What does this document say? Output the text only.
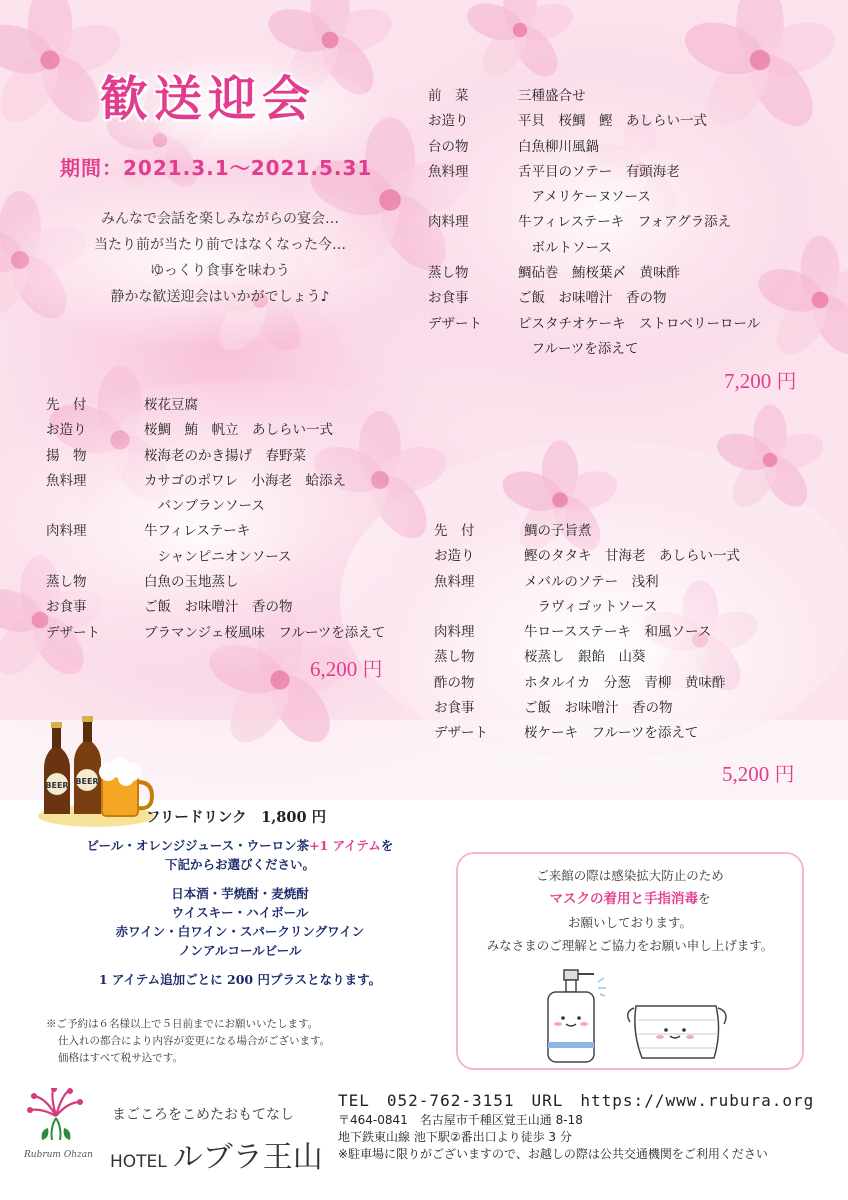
歓送迎会
期間：2021.3.1～2021.5.31
みんなで会話を楽しみながらの宴会…
当たり前が当たり前ではなくなった今…
ゆっくり食事を味わう
静かな歓送迎会はいかがでしょう♪
前　菜	三種盛合せ
お造り	平貝　桜鯛　鰹　あしらい一式
台の物	白魚柳川風鍋
魚料理	舌平目のソテー　有頭海老
　アメリケーヌソース
肉料理	牛フィレステーキ　フォアグラ添え
　ボルトソース
蒸し物	鯛砧巻　鮪桜葉〆　黄味酢
お食事	ご飯　お味噌汁　香の物
デザート	ピスタチオケーキ　ストロベリーロール
　フルーツを添えて
7,200 円
先　付	桜花豆腐
お造り	桜鯛　鮪　帆立　あしらい一式
揚　物	桜海老のかき揚げ　春野菜
魚料理	カサゴのポワレ　小海老　蛤添え
　バンブランソース
肉料理	牛フィレステーキ
　シャンピニオンソース
蒸し物	白魚の玉地蒸し
お食事	ご飯　お味噌汁　香の物
デザート	ブラマンジェ桜風味　フルーツを添えて
6,200 円
先　付	鯛の子旨煮
お造り	鰹のタタキ　甘海老　あしらい一式
魚料理	メバルのソテー　浅利
　ラヴィゴットソース
肉料理	牛ロースステーキ　和風ソース
蒸し物	桜蒸し　銀餡　山葵
酢の物	ホタルイカ　分葱　青柳　黄味酢
お食事	ご飯　お味噌汁　香の物
デザート	桜ケーキ　フルーツを添えて
5,200 円
BEER BEER
フリードリンク　1,800 円
ビール・オレンジジュース・ウーロン茶+1 アイテムを
下記からお選びください。
日本酒・芋焼酎・麦焼酎
ウイスキー・ハイボール
赤ワイン・白ワイン・スパークリングワイン
ノンアルコールビール
1 アイテム追加ごとに 200 円プラスとなります。
※ご予約は６名様以上で５日前までにお願いいたします。
仕入れの都合により内容が変更になる場合がございます。
価格はすべて税サ込です。
ご来館の際は感染拡大防止のため
マスクの着用と手指消毒を
お願いしております。
みなさまのご理解とご協力をお願い申し上げます。
Rubrum Ohzan
まごころをこめたおもてなし
HOTEL ルブラ王山
TEL　052-762-3151　URL　https://www.rubura.org
〒464-0841　名古屋市千種区覚王山通 8-18
地下鉄東山線 池下駅②番出口より徒歩 3 分
※駐車場に限りがございますので、お越しの際は公共交通機関をご利用ください
